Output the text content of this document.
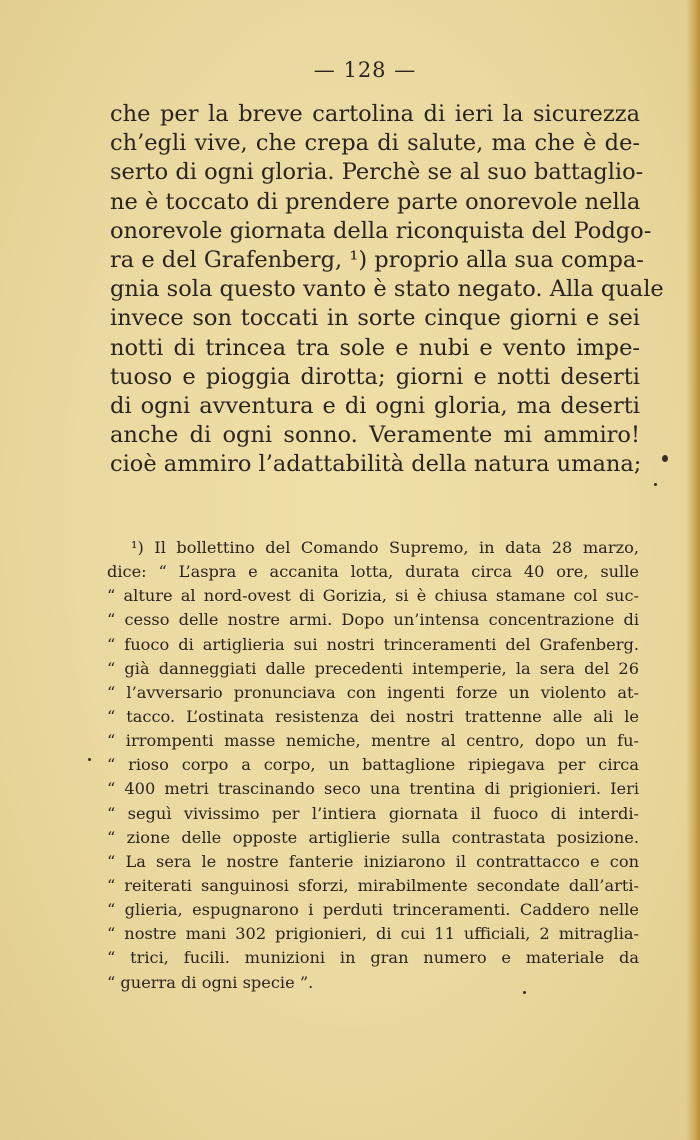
— 128 —
che per la breve cartolina di ieri la sicurezza
ch’egli vive, che crepa di salute, ma che è de-
serto di ogni gloria. Perchè se al suo battaglio-
ne è toccato di prendere parte onorevole nella
onorevole giornata della riconquista del Podgo-
ra e del Grafenberg, ¹) proprio alla sua compa-
gnia sola questo vanto è stato negato. Alla quale
invece son toccati in sorte cinque giorni e sei
notti di trincea tra sole e nubi e vento impe-
tuoso e pioggia dirotta; giorni e notti deserti
di ogni avventura e di ogni gloria, ma deserti
anche di ogni sonno. Veramente mi ammiro!
cioè ammiro l’adattabilità della natura umana;
¹) Il bollettino del Comando Supremo, in data 28 marzo,
dice: “ L’aspra e accanita lotta, durata circa 40 ore, sulle
“ alture al nord-ovest di Gorizia, si è chiusa stamane col suc-
“ cesso delle nostre armi. Dopo un’intensa concentrazione di
“ fuoco di artiglieria sui nostri trinceramenti del Grafenberg.
“ già danneggiati dalle precedenti intemperie, la sera del 26
“ l’avversario pronunciava con ingenti forze un violento at-
“ tacco. L’ostinata resistenza dei nostri trattenne alle ali le
“ irrompenti masse nemiche, mentre al centro, dopo un fu-
“ rioso corpo a corpo, un battaglione ripiegava per circa
“ 400 metri trascinando seco una trentina di prigionieri. Ieri
“ seguì vivissimo per l’intiera giornata il fuoco di interdi-
“ zione delle opposte artiglierie sulla contrastata posizione.
“ La sera le nostre fanterie iniziarono il contrattacco e con
“ reiterati sanguinosi sforzi, mirabilmente secondate dall’arti-
“ glieria, espugnarono i perduti trinceramenti. Caddero nelle
“ nostre mani 302 prigionieri, di cui 11 ufficiali, 2 mitraglia-
“ trici, fucili. munizioni in gran numero e materiale da
“ guerra di ogni specie ”.
